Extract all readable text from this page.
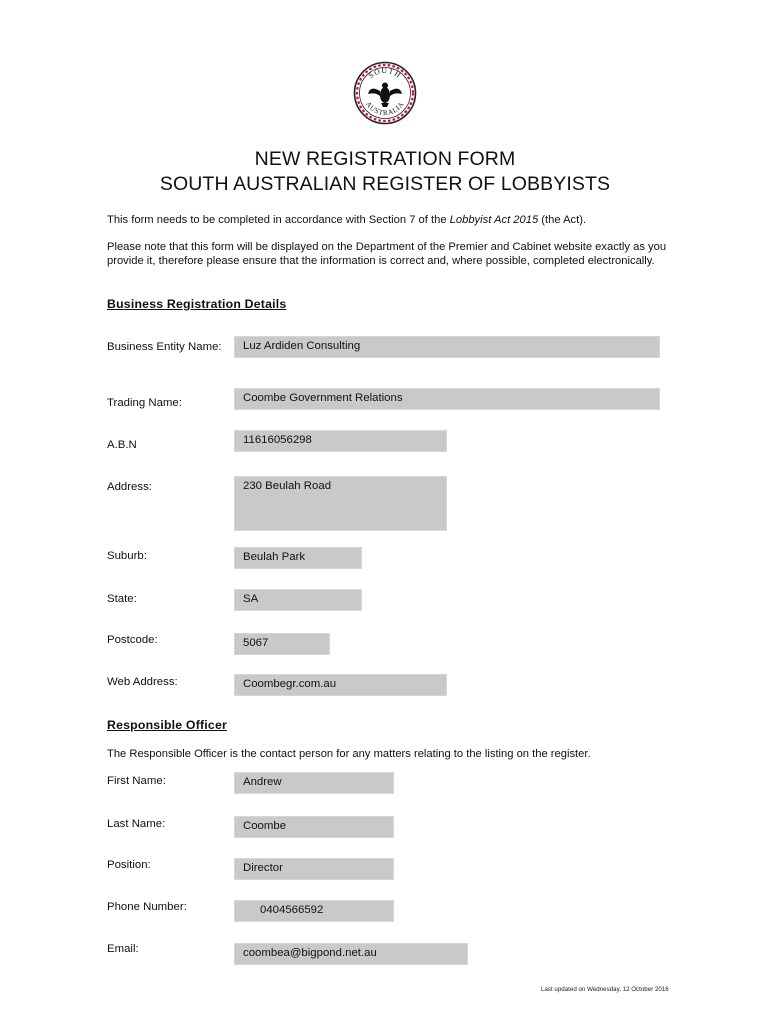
SOUTH
AUSTRALIA
NEW REGISTRATION FORM
SOUTH AUSTRALIAN REGISTER OF LOBBYISTS
This form needs to be completed in accordance with Section 7 of the Lobbyist Act 2015 (the Act).
Please note that this form will be displayed on the Department of the Premier and Cabinet website exactly as you provide it, therefore please ensure that the information is correct and, where possible, completed electronically.
Business Registration Details
Business Entity Name:	Luz Ardiden Consulting
Trading Name:	Coombe Government Relations
A.B.N	11616056298
Address:	230 Beulah Road
Suburb:	Beulah Park
State:	SA
Postcode:	5067
Web Address:	Coombegr.com.au
Responsible Officer
The Responsible Officer is the contact person for any matters relating to the listing on the register.
First Name:	Andrew
Last Name:	Coombe
Position:	Director
Phone Number:	0404566592
Email:	coombea@bigpond.net.au
Last updated on Wednesday, 12 October 2016
